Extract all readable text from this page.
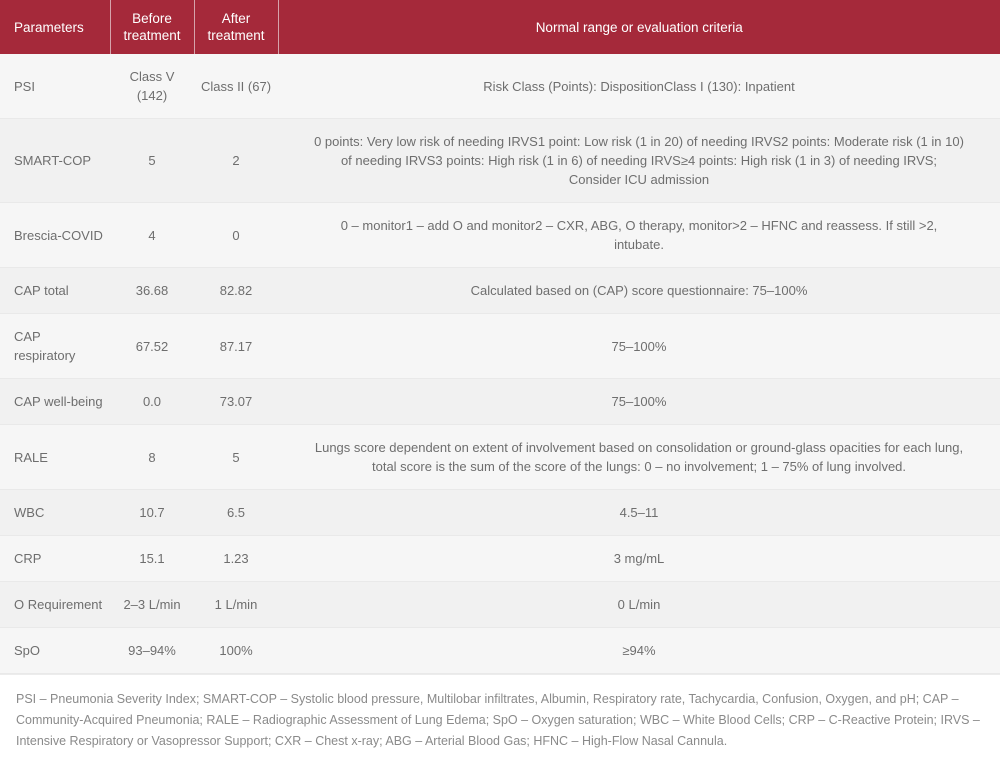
Parameters	Before treatment	After treatment	Normal range or evaluation criteria
PSI	Class V (142)	Class II (67)	Risk Class (Points): DispositionClass I (130): Inpatient
SMART-COP	5	2	0 points: Very low risk of needing IRVS1 point: Low risk (1 in 20) of needing IRVS2 points: Moderate risk (1 in 10) of needing IRVS3 points: High risk (1 in 6) of needing IRVS≥4 points: High risk (1 in 3) of needing IRVS; Consider ICU admission
Brescia-COVID	4	0	0 – monitor1 – add O and monitor2 – CXR, ABG, O therapy, monitor>2 – HFNC and reassess. If still >2, intubate.
CAP total	36.68	82.82	Calculated based on (CAP) score questionnaire: 75–100%
CAP respiratory	67.52	87.17	75–100%
CAP well-being	0.0	73.07	75–100%
RALE	8	5	Lungs score dependent on extent of involvement based on consolidation or ground-glass opacities for each lung, total score is the sum of the score of the lungs: 0 – no involvement; 1 – 75% of lung involved.
WBC	10.7	6.5	4.5–11
CRP	15.1	1.23	3 mg/mL
O Requirement	2–3 L/min	1 L/min	0 L/min
SpO	93–94%	100%	≥94%

PSI – Pneumonia Severity Index; SMART-COP – Systolic blood pressure, Multilobar infiltrates, Albumin, Respiratory rate, Tachycardia, Confusion, Oxygen, and pH; CAP – Community-Acquired Pneumonia; RALE – Radiographic Assessment of Lung Edema; SpO – Oxygen saturation; WBC – White Blood Cells; CRP – C-Reactive Protein; IRVS – Intensive Respiratory or Vasopressor Support; CXR – Chest x-ray; ABG – Arterial Blood Gas; HFNC – High-Flow Nasal Cannula.
